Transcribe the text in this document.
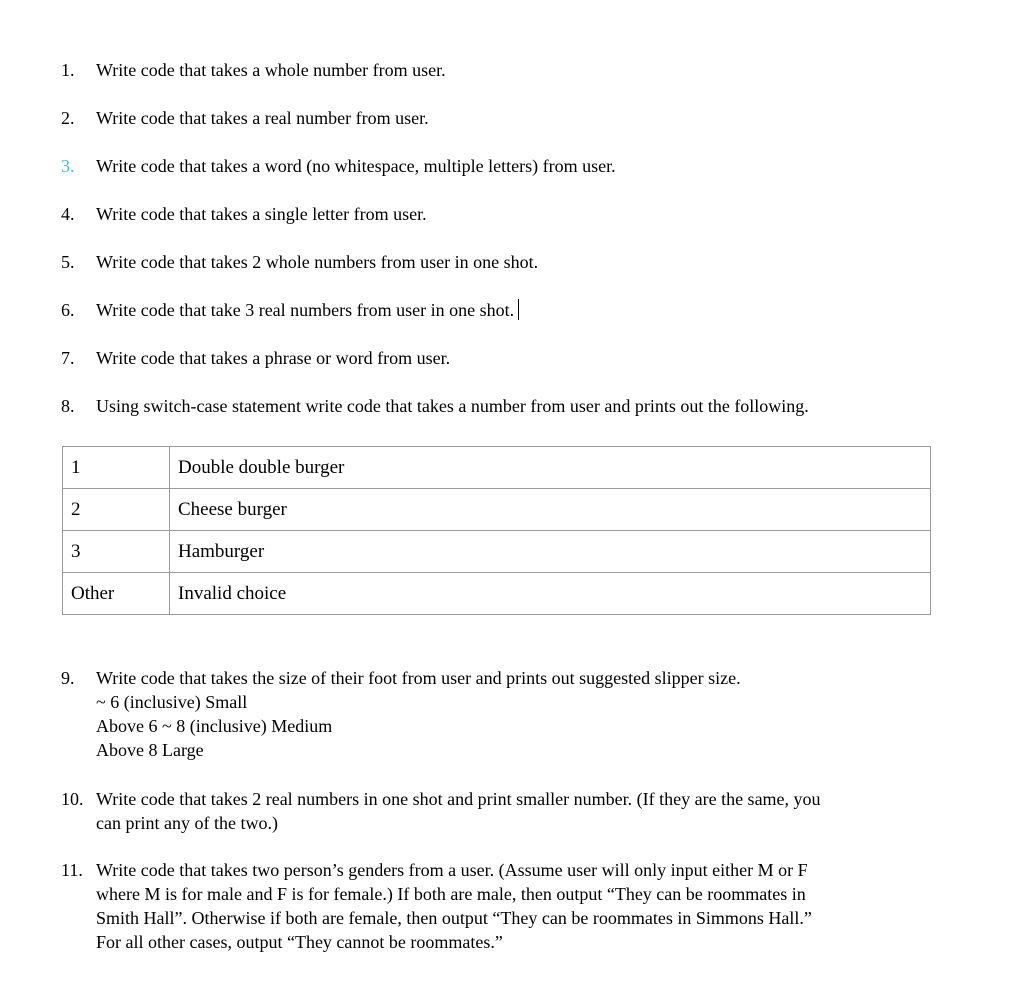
1.	Write code that takes a whole number from user.
2.	Write code that takes a real number from user.
3.	Write code that takes a word (no whitespace, multiple letters) from user.
4.	Write code that takes a single letter from user.
5.	Write code that takes 2 whole numbers from user in one shot.
6.	Write code that take 3 real numbers from user in one shot.
7.	Write code that takes a phrase or word from user.
8.	Using switch-case statement write code that takes a number from user and prints out the following.
1	Double double burger
2	Cheese burger
3	Hamburger
Other	Invalid choice
9.	Write code that takes the size of their foot from user and prints out suggested slipper size.
~ 6 (inclusive) Small
Above 6 ~ 8 (inclusive) Medium
Above 8 Large
10. Write code that takes 2 real numbers in one shot and print smaller number. (If they are the same, you
can print any of the two.)
11. Write code that takes two person’s genders from a user. (Assume user will only input either M or F
where M is for male and F is for female.) If both are male, then output “They can be roommates in
Smith Hall”. Otherwise if both are female, then output “They can be roommates in Simmons Hall.”
For all other cases, output “They cannot be roommates.”
